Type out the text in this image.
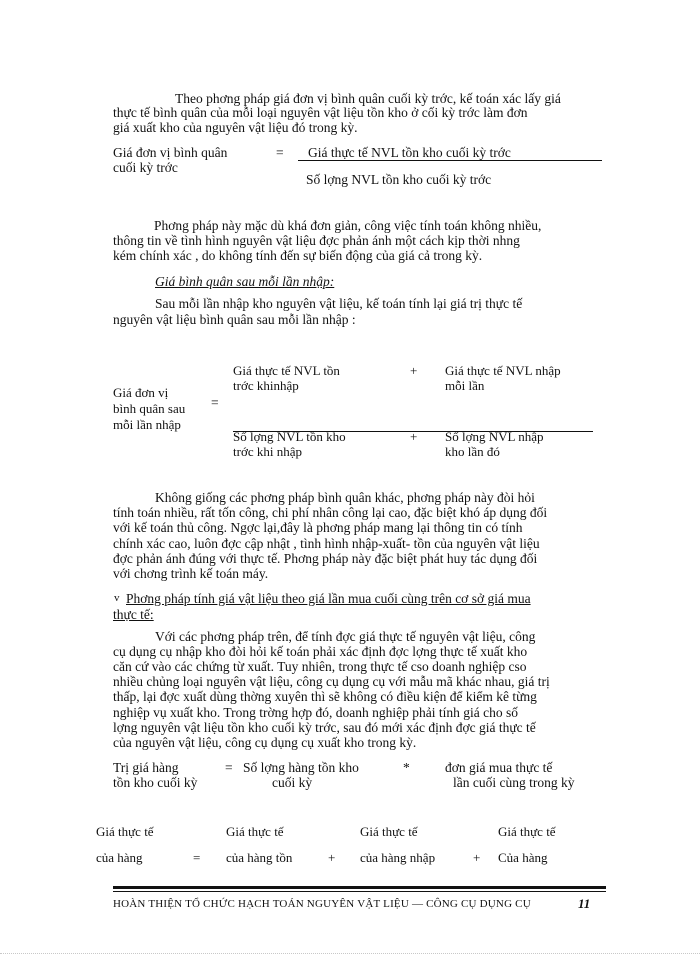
Theo phơng pháp giá đơn vị bình quân cuối kỳ trớc, kế toán xác lấy giá
thực tế bình quân của mỗi loại nguyên vật liệu tồn kho ở cối kỳ trớc làm đơn
giá xuất kho của nguyên vật liệu đó trong kỳ.
Giá đơn vị bình quân
cuối kỳ trớc
= Giá thực tế NVL tồn kho cuối kỳ trớc
Số lợng NVL tồn kho cuối kỳ trớc
Phơng pháp này mặc dù khá đơn giản, công việc tính toán không nhiều,
thông tin về tình hình nguyên vật liệu đợc phản ánh một cách kịp thời nhng
kém chính xác , do không tính đến sự biến động của giá cả trong kỳ.
Giá bình quân sau mỗi lần nhập:
Sau mỗi lần nhập kho nguyên vật liệu, kế toán tính lại giá trị thực tế
nguyên vật liệu bình quân sau mỗi lần nhập :
Giá đơn vị
bình quân sau
mỗi lần nhập
=
Giá thực tế NVL tồn
trớc khinhập
+ Giá thực tế NVL nhập
mỗi lần
Số lợng NVL tồn kho
trớc khi nhập
+ Số lợng NVL nhập
kho lần đó
Không giống các phơng pháp bình quân khác, phơng pháp này đòi hỏi
tính toán nhiều, rất tốn công, chi phí nhân công lại cao, đặc biệt khó áp dụng đối
với kế toán thủ công. Ngợc lại,đây là phơng pháp mang lại thông tin có tính
chính xác cao, luôn đợc cập nhật , tình hình nhập-xuất- tồn của nguyên vật liệu
đợc phản ánh đúng với thực tế. Phơng pháp này đặc biệt phát huy tác dụng đối
với chơng trình kế toán máy.
v Phơng pháp tính giá vật liệu theo giá lần mua cuối cùng trên cơ sở giá mua
thực tế:
Với các phơng pháp trên, để tính đợc giá thực tế nguyên vật liệu, công
cụ dụng cụ nhập kho đòi hỏi kế toán phải xác định đợc lợng thực tế xuất kho
căn cứ vào các chứng từ xuất. Tuy nhiên, trong thực tế cso doanh nghiệp cso
nhiều chủng loại nguyên vật liệu, công cụ dụng cụ với mẫu mã khác nhau, giá trị
thấp, lại đợc xuất dùng thờng xuyên thì sẽ không có điều kiện để kiểm kê từng
nghiệp vụ xuất kho. Trong trờng hợp đó, doanh nghiệp phải tính giá cho số
lợng nguyên vật liệu tồn kho cuối kỳ trớc, sau đó mới xác định đợc giá thực tế
của nguyên vật liệu, công cụ dụng cụ xuất kho trong kỳ.
Trị giá hàng
tồn kho cuối kỳ
= Số lợng hàng tồn kho
cuối kỳ
*	đơn giá mua thực tế
lần cuối cùng trong kỳ
Giá thực tế
của hàng	=
Giá thực tế
của hàng tồn	+
Giá thực tế
của hàng nhập	+
Giá thực tế
Của hàng
HOÀN THIỆN TỔ CHỨC HẠCH TOÁN NGUYÊN VẬT LIỆU — CÔNG CỤ DỤNG CỤ	11
